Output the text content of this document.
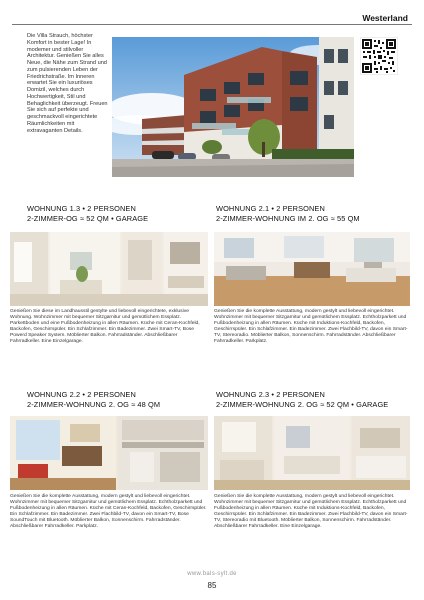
Westerland
Die Villa Strauch, höchster Komfort in bester Lage! In modemer und stilvoller Architektur. Genießen Sie alles Neue, die Nähe zum Strand und zum pulsierenden Leben der Friedrichstraße. Im Inneren erwartet Sie ein luxuriöses Domizil, welches durch Hochwertigkeit, Stil und Behaglichkeit überzeugt. Freuen Sie sich auf perfekte und geschmackvoll eingerichtete Räumlichkeiten mit extravaganten Details.
WOHNUNG 1.3 • 2 PERSONEN
2-ZIMMER-OG ≈ 52 QM • GARAGE
Genießen Sie diese im Landhausstil gestylte und liebevoll eingerichtete, exklusive Wohnung. Wohnzimmer mit bequemer Sitzgarnitur und gemütlichem Essplatz. Parkettboden und eine Fußbodenheizung in allen Räumen. Küche mit Ceran-Kochfeld, Backofen, Geschirrspüler. Ein Schlafzimmer. Ein Badezimmer. Zwei Smart-TV, Bose Powerd Speaker System. Möblierter Balkon. Fahrradständer. Abschließbarer Fahrradkeller. Eine Einzelgarage.
WOHNUNG 2.1 • 2 PERSONEN
2-ZIMMER-WOHNUNG IM 2. OG ≈ 55 QM
Genießen Sie die komplette Ausstattung, modern gestylt und liebevoll eingerichtet. Wohnzimmer mit bequemer Sitzgarnitur und gemütlichem Essplatz. Echtholzparkett und Fußbodenheizung in allen Räumen. Küche mit Induktions-Kochfeld, Backofen, Geschirrspüler. Ein Schlafzimmer. Ein Badezimmer. Zwei Flachbild-TV, davon ein Smart-TV, Stereoradio. Möblierter Balkon, Sonnenschirm. Fahrradständer. Abschließbarer Fahrradkeller. Parkplatz.
WOHNUNG 2.2 • 2 PERSONEN
2-ZIMMER-WOHNUNG 2. OG ≈ 48 QM
Genießen Sie die komplette Ausstattung, modern gestylt und liebevoll eingerichtet. Wohnzimmer mit bequemer Sitzgarnitur und gemütlichem Essplatz. Echtholzparkett und Fußbodenheizung in allen Räumen. Küche mit Ceran-Kochfeld, Backofen, Geschirrspüler. Ein Schlafzimmer. Ein Badezimmer. Zwei Flachbild-TV, davon ein Smart-TV, Bose SoundTouch mit Bluetooth. Möblierter Balkon, Sonnenschirm. Fahrradständer. Abschließbarer Fahrradkeller. Parkplatz.
WOHNUNG 2.3 • 2 PERSONEN
2-ZIMMER-WOHNUNG 2. OG ≈ 52 QM • GARAGE
Genießen Sie die komplette Ausstattung, modern gestylt und liebevoll eingerichtet. Wohnzimmer mit bequemer Sitzgarnitur und gemütlichem Essplatz. Echtholzparkett und Fußbodenheizung in allen Räumen. Küche mit Induktions-Kochfeld, Backofen, Geschirrspüler. Ein Schlafzimmer. Ein Badezimmer. Zwei Flachbild-TV, davon ein Smart-TV, Stereoradio mit Bluetooth. Möblierter Balkon, Sonnenschirm. Fahrradständer. Abschließbarer Fahrradkeller. Eine Einzelgarage.
www.bals-sylt.de
85
